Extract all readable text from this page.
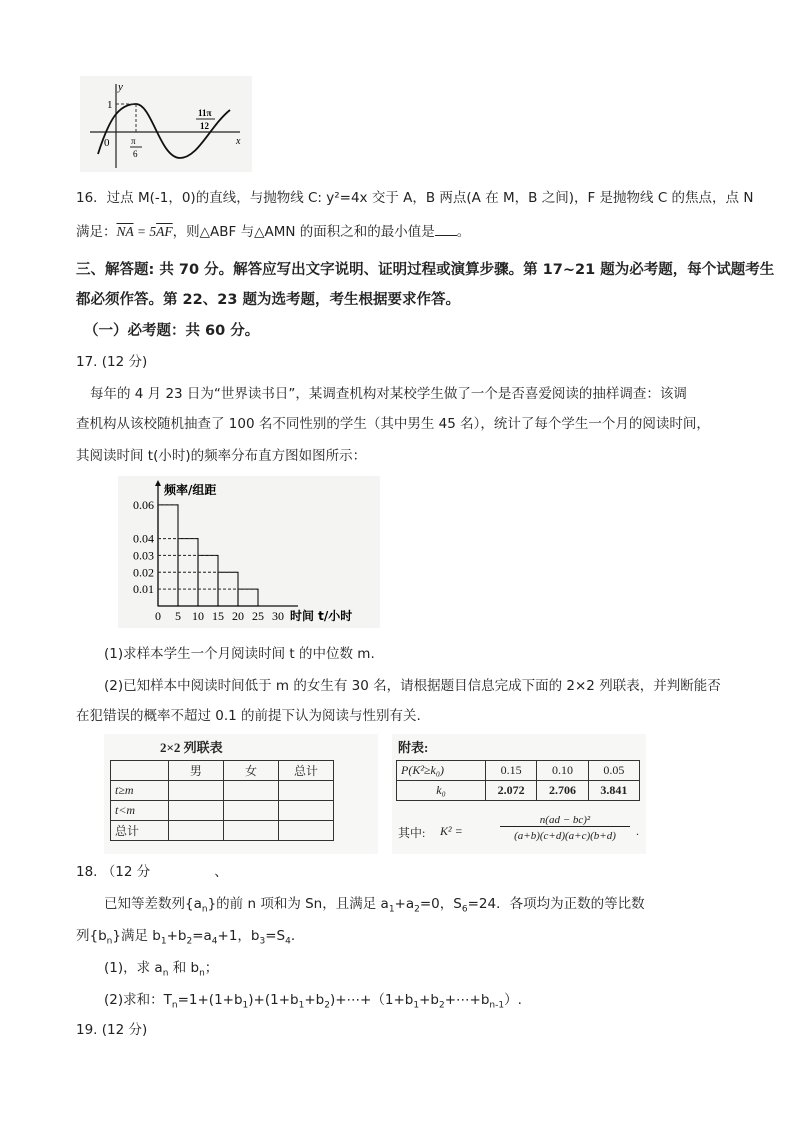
y
x
0
1
π
6
11π
12
16．过点 M(-1，0)的直线，与抛物线 C: y²=4x 交于 A，B 两点(A 在 M，B 之间)，F 是抛物线 C 的焦点，点 N
满足：$\overline{NA} = 5\overline{AF}$，则△ABF 与△AMN 的面积之和的最小值是 。
三、解答题: 共 70 分。解答应写出文字说明、证明过程或演算步骤。第 17~21 题为必考题，每个试题考生
都必须作答。第 22、23 题为选考题，考生根据要求作答。
（一）必考题：共 60 分。
17. (12 分)
每年的 4 月 23 日为“世界读书日”，某调查机构对某校学生做了一个是否喜爱阅读的抽样调查：该调
查机构从该校随机抽查了 100 名不同性别的学生（其中男生 45 名），统计了每个学生一个月的阅读时间，
其阅读时间 t(小时)的频率分布直方图如图所示：
0.06
0.04
0.03
0.02
0.01
0 5 10 15 20 25 30
频率/组距
时间 t/小时
(1)求样本学生一个月阅读时间 t 的中位数 m.
(2)已知样本中阅读时间低于 m 的女生有 30 名，请根据题目信息完成下面的 2×2 列联表，并判断能否
在犯错误的概率不超过 0.1 的前提下认为阅读与性别有关.
2×2 列联表
	男	女	总计
t≥m			
t<m			
总计			
附表:
P(K²≥k₀)	0.15	0.10	0.05
k₀	2.072	2.706	3.841
其中: K² =
n(ad − bc)²
(a+b)(c+d)(a+c)(b+d)	.
18. （12 分	、
已知等差数列$\{a_n\}$的前 n 项和为 Sn，且满足 $a_1+a_2=0$，$S_6=24$．各项均为正数的等比数
列$\{b_n\}$满足 $b_1+b_2=a_4+1$，$b_3=S_4$.
(1)，求 $a_n$ 和 $b_n$；
(2)求和：$T_n=1+(1+b_1)+(1+b_1+b_2)+\cdots+(1+b_1+b_2+\cdots+b_{n-1})$.
19. (12 分)
